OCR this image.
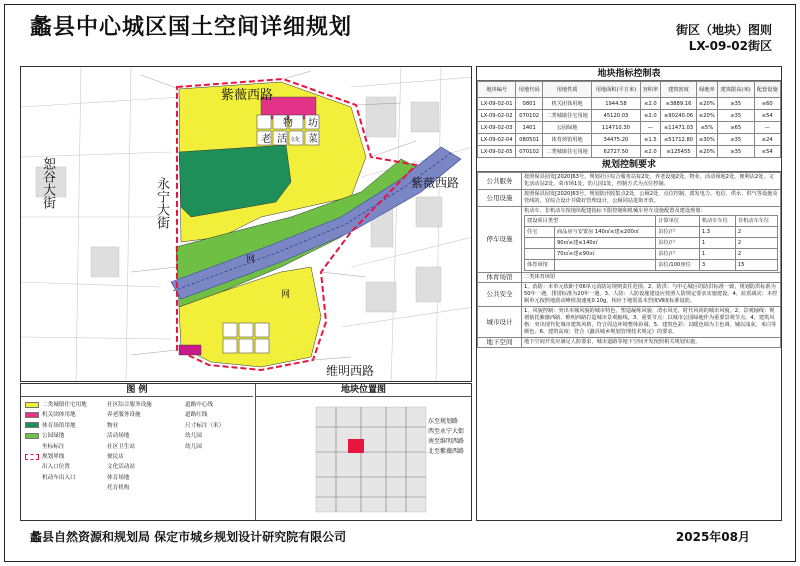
蠡县中心城区国土空间详细规划	街区（地块）图则
LX-09-02街区
紫薇西路
紫薇西路
维明西路
物
老 活 文化 菜
坊
网
网
永宁大街
恕谷大街
图 例
二类城镇住宅用地
机关团体用地
体育场馆用地
公园绿地
坐标标注
规划界线
出入口位置
机动车出入口
社区综合服务设施
养老服务设施
物业
活动场地
社区卫生站
便民店
文化活动站
体育场地
托育机构
道路中心线
道路红线
尺寸标注（米）
幼儿园
幼儿园
地块位置图
东至规划路
西至永宁大街
南至维明西路
北至紫薇西路
地块指标控制表
地块编号	用地代码	用地性质	用地面积(平方米)	容积率	建筑密度	绿地率	建筑限高(米)	配套设施
LX-09-02-01	0801	机关团体用地	1944.58	≤2.0	≤3889.16	≤20%	≥35	≤60
LX-09-02-02	070102	二类城镇住宅用地	45120.03	≤2.0	≤90240.06	≤20%	≥35	≤54
LX-09-02-03	1401	公园绿地	114710.30	—	≤11471.03	≤5%	≥65	—
LX-09-02-04	080501	体育场馆用地	34475.20	≤1.5	≤51712.80	≤30%	≥35	≤24
LX-09-02-05	070102	二类城镇住宅用地	62727.50	≤2.0	≤125455	≤20%	≥35	≤54
规划控制要求
公共服务	按照保县园发[2020]63号，规划社区综合服务站每2处，养老设施2处，物业，活动场地2处，便利店2处，文化活动站2处，菜市场1处，幼儿园1处，控制方式为点位控制。
公用设施	按照保县园发[2020]63号，规划防汛收集点2处，公厕2处，点位控制。派发电力、电信、供水、供气等设施及管线的，宜综合设计并做好管理设计，公厕同站进街开放。
停车设施	
机动车、非机动车按地块配建指标下限控制和机械车停车设施配置及建设规划：
建设项目类型	计算单位	机动车车位	非机动车车位
住宅	商品房与安置房 140㎡≤建≤200㎡	泊位/户	1.3	2
	90㎡≤建≤140㎡	泊位/户	1	2
	70㎡≤建≤90㎡	泊位/户	1	2
体育场馆		泊位/100座位	3	15

体育场馆	二类体育场馆
公共安全	1、消防：本单元依距于06单元消防站规则责任范围。2、防洪：与中心城区的防洪标准一致，规划防洪标准为50年一遇，排涝标准为20年一遇。3、人防：人防设施建设应按照人防规定要求实施建设。4、抗震减灾：本控制单元按照地震动峰值加速度0.10g，相应于地震基本烈度Ⅶ度标准设防。
城市设计	1、风貌控制：突出本城风貌的城市特色，塑造凝练风貌、清水风光、时代风尚的城市风貌。2、景观轴线：规划依托紫薇西路、维明西路打造城市景观轴线。3、重要节点：以城市公园绿地作为重要景观节点。4、建筑风格：突出现代化城市建筑风格，符合周边环境整体协调。5、建筑色彩：以暖色调为主色调，辅以浅灰、米白等颜色。6、建筑高度：符合《蠡县城乡规划管理技术规定》的要求。
地下空间	地下空间开发应满足人防要求，城市道路等地下空间开发按照相关规划实施。
蠡县自然资源和规划局 保定市城乡规划设计研究院有限公司	2025年08月
